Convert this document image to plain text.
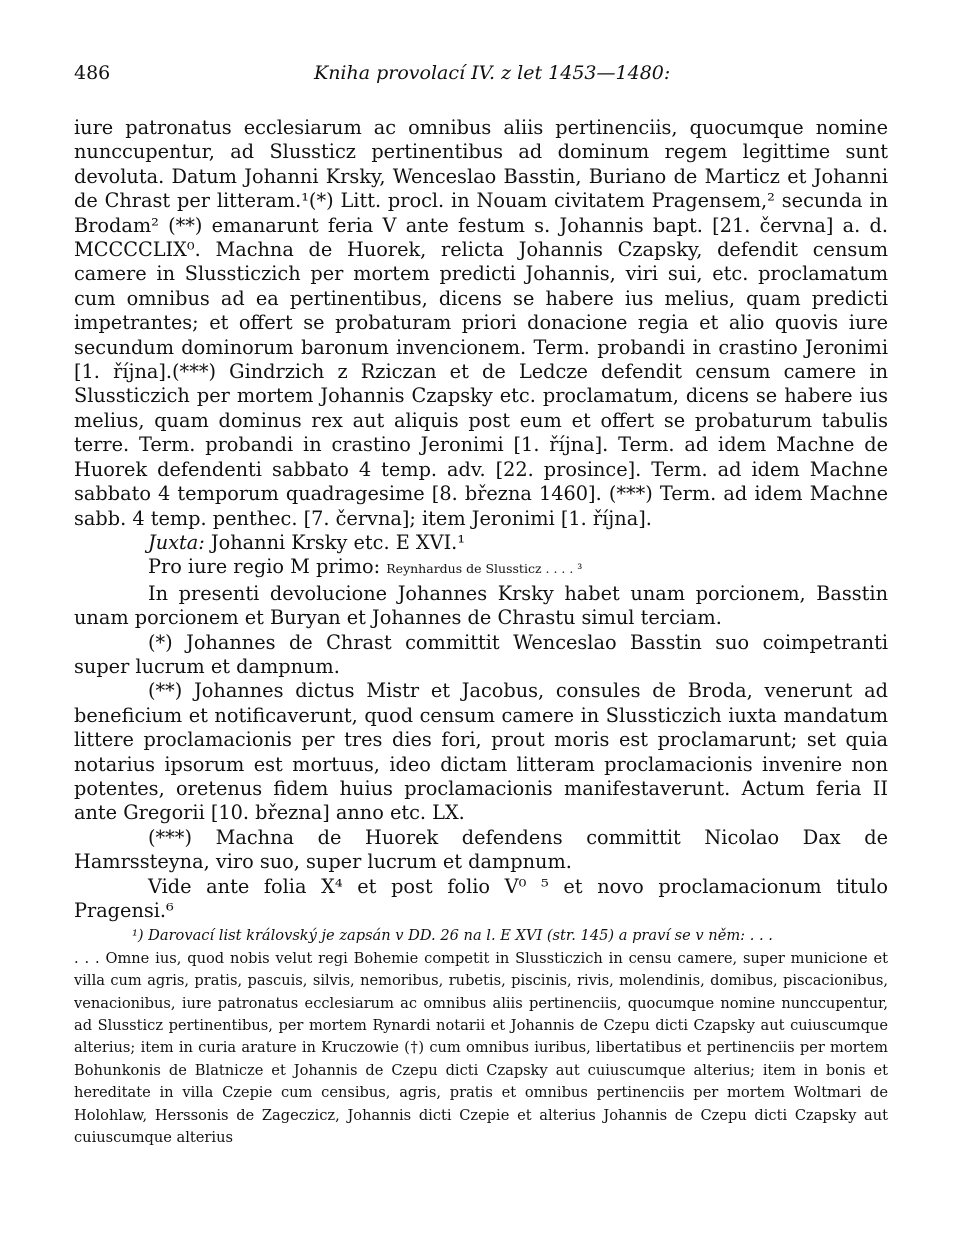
486	Kniha provolací IV. z let 1453—1480:

iure patronatus ecclesiarum ac omnibus aliis pertinenciis, quocumque nomine nunccupentur, ad Slussticz pertinentibus ad dominum regem legittime sunt devoluta. Datum Johanni Krsky, Wenceslao Basstin, Buriano de Marticz et Johanni de Chrast per litteram.¹(*) Litt. procl. in Nouam civitatem Pragensem,² secunda in Brodam² (**) emanarunt feria V ante festum s. Johannis bapt. [21. června] a. d. MCCCCLIX⁰. Machna de Huorek, relicta Johannis Czapsky, defendit censum camere in Slussticzich per mortem predicti Johannis, viri sui, etc. proclamatum cum omnibus ad ea pertinentibus, dicens se habere ius melius, quam predicti impetrantes; et offert se probaturam priori donacione regia et alio quovis iure secundum dominorum baronum invencionem. Term. probandi in crastino Jeronimi [1. října].(***) Gindrzich z Rziczan et de Ledcze defendit censum camere in Slussticzich per mortem Johannis Czapsky etc. proclamatum, dicens se habere ius melius, quam dominus rex aut aliquis post eum et offert se probaturum tabulis terre. Term. probandi in crastino Jeronimi [1. října]. Term. ad idem Machne de Huorek defendenti sabbato 4 temp. adv. [22. prosince]. Term. ad idem Machne sabbato 4 temporum quadragesime [8. března 1460]. (***) Term. ad idem Machne sabb. 4 temp. penthec. [7. června]; item Jeronimi [1. října].

Juxta: Johanni Krsky etc. E XVI.¹

Pro iure regio M primo: Reynhardus de Slussticz . . . . ³

In presenti devolucione Johannes Krsky habet unam porcionem, Basstin unam porcionem et Buryan et Johannes de Chrastu simul terciam.

(*) Johannes de Chrast committit Wenceslao Basstin suo coimpetranti super lucrum et dampnum.

(**) Johannes dictus Mistr et Jacobus, consules de Broda, venerunt ad beneficium et notificaverunt, quod censum camere in Slussticzich iuxta mandatum littere proclamacionis per tres dies fori, prout moris est proclamarunt; set quia notarius ipsorum est mortuus, ideo dictam litteram proclamacionis invenire non potentes, oretenus fidem huius proclamacionis manifestaverunt. Actum feria II ante Gregorii [10. března] anno etc. LX.

(***) Machna de Huorek defendens committit Nicolao Dax de Hamrssteyna, viro suo, super lucrum et dampnum.

Vide ante folia X⁴ et post folio V⁰ ⁵ et novo proclamacionum titulo Pragensi.⁶

¹) Darovací list královský je zapsán v DD. 26 na l. E XVI (str. 145) a praví se v něm: . . .

. . . Omne ius, quod nobis velut regi Bohemie competit in Slussticzich in censu camere, super municione et villa cum agris, pratis, pascuis, silvis, nemoribus, rubetis, piscinis, rivis, molendinis, domibus, piscacionibus, venacionibus, iure patronatus ecclesiarum ac omnibus aliis pertinenciis, quocumque nomine nunccupentur, ad Slussticz pertinentibus, per mortem Rynardi notarii et Johannis de Czepu dicti Czapsky aut cuiuscumque alterius; item in curia arature in Kruczowie (†) cum omnibus iuribus, libertatibus et pertinenciis per mortem Bohunkonis de Blatnicze et Johannis de Czepu dicti Czapsky aut cuiuscumque alterius; item in bonis et hereditate in villa Czepie cum censibus, agris, pratis et omnibus pertinenciis per mortem Woltmari de Holohlaw, Herssonis de Zageczicz, Johannis dicti Czepie et alterius Johannis de Czepu dicti Czapsky aut cuiuscumque alterius
